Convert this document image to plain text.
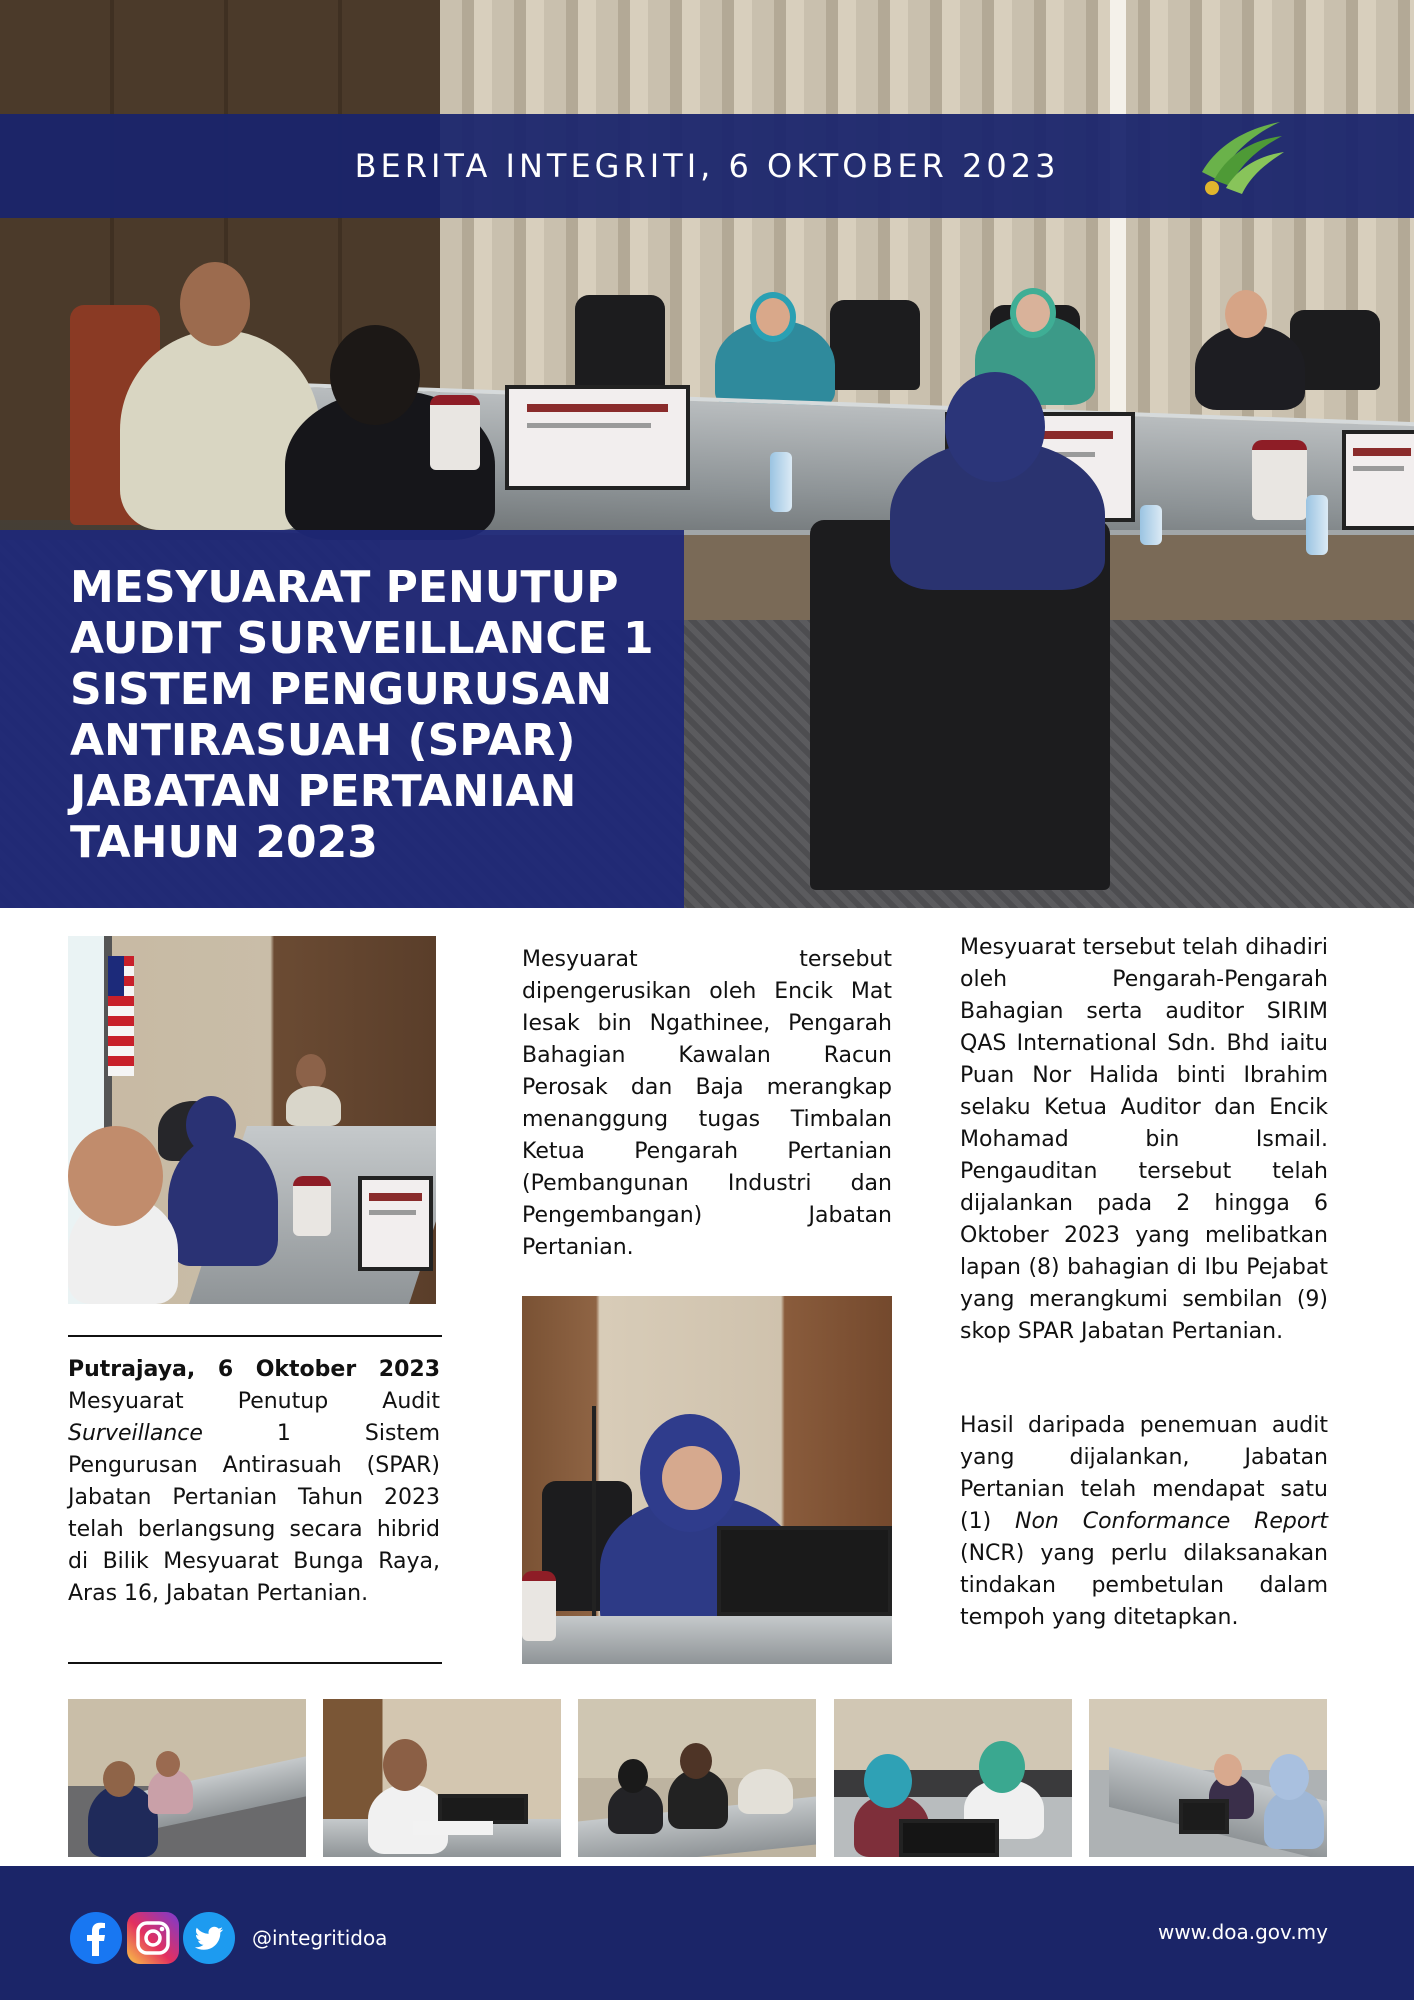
BERITA INTEGRITI, 6 OKTOBER 2023
MESYUARAT PENUTUP
AUDIT SURVEILLANCE 1
SISTEM PENGURUSAN
ANTIRASUAH (SPAR)
JABATAN PERTANIAN
TAHUN 2023
Putrajaya, 6 Oktober 2023 Mesyuarat Penutup Audit Surveillance 1 Sistem Pengurusan Antirasuah (SPAR) Jabatan Pertanian Tahun 2023 telah berlangsung secara hibrid di Bilik Mesyuarat Bunga Raya, Aras 16, Jabatan Pertanian.
Mesyuarat tersebut dipengerusikan oleh Encik Mat Iesak bin Ngathinee, Pengarah Bahagian Kawalan Racun Perosak dan Baja merangkap menanggung tugas Timbalan Ketua Pengarah Pertanian (Pembangunan Industri dan Pengembangan) Jabatan Pertanian.
Mesyuarat tersebut telah dihadiri oleh Pengarah-Pengarah Bahagian serta auditor SIRIM QAS International Sdn. Bhd iaitu Puan Nor Halida binti Ibrahim selaku Ketua Auditor dan Encik Mohamad bin Ismail. Pengauditan tersebut telah dijalankan pada 2 hingga 6 Oktober 2023 yang melibatkan lapan (8) bahagian di Ibu Pejabat yang merangkumi sembilan (9) skop SPAR Jabatan Pertanian.
Hasil daripada penemuan audit yang dijalankan, Jabatan Pertanian telah mendapat satu (1) Non Conformance Report (NCR) yang perlu dilaksanakan tindakan pembetulan dalam tempoh yang ditetapkan.
@integritidoa	www.doa.gov.my
